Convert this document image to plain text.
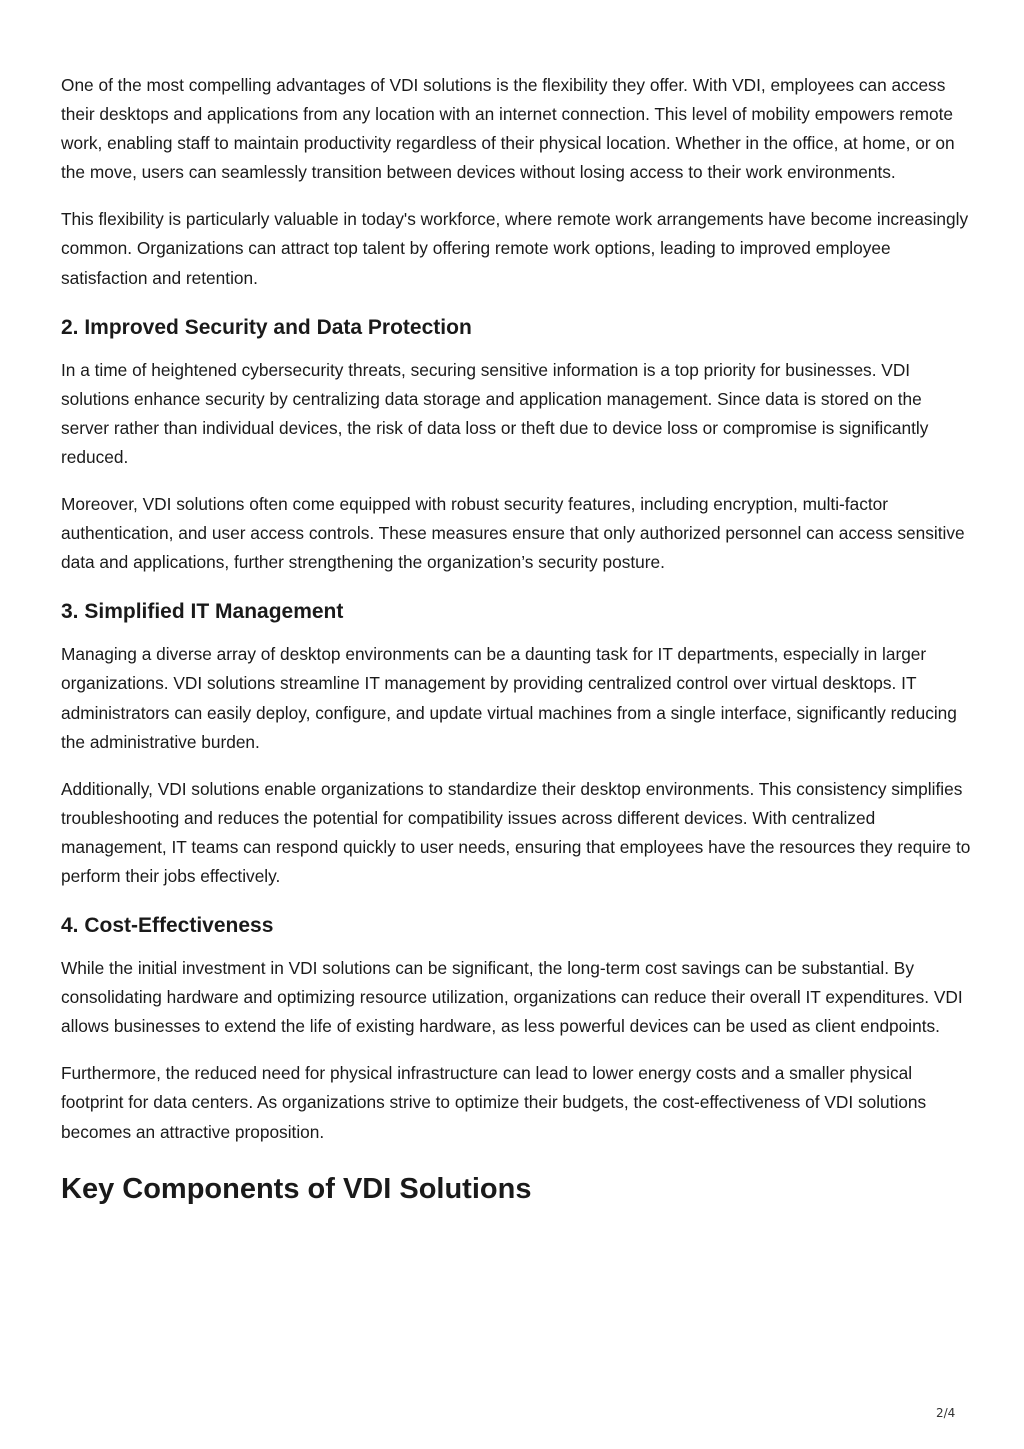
One of the most compelling advantages of VDI solutions is the flexibility they offer. With VDI, employees can access their desktops and applications from any location with an internet connection. This level of mobility empowers remote work, enabling staff to maintain productivity regardless of their physical location. Whether in the office, at home, or on the move, users can seamlessly transition between devices without losing access to their work environments.

This flexibility is particularly valuable in today's workforce, where remote work arrangements have become increasingly common. Organizations can attract top talent by offering remote work options, leading to improved employee satisfaction and retention.

2. Improved Security and Data Protection

In a time of heightened cybersecurity threats, securing sensitive information is a top priority for businesses. VDI solutions enhance security by centralizing data storage and application management. Since data is stored on the server rather than individual devices, the risk of data loss or theft due to device loss or compromise is significantly reduced.

Moreover, VDI solutions often come equipped with robust security features, including encryption, multi-factor authentication, and user access controls. These measures ensure that only authorized personnel can access sensitive data and applications, further strengthening the organization’s security posture.

3. Simplified IT Management

Managing a diverse array of desktop environments can be a daunting task for IT departments, especially in larger organizations. VDI solutions streamline IT management by providing centralized control over virtual desktops. IT administrators can easily deploy, configure, and update virtual machines from a single interface, significantly reducing the administrative burden.

Additionally, VDI solutions enable organizations to standardize their desktop environments. This consistency simplifies troubleshooting and reduces the potential for compatibility issues across different devices. With centralized management, IT teams can respond quickly to user needs, ensuring that employees have the resources they require to perform their jobs effectively.

4. Cost-Effectiveness

While the initial investment in VDI solutions can be significant, the long-term cost savings can be substantial. By consolidating hardware and optimizing resource utilization, organizations can reduce their overall IT expenditures. VDI allows businesses to extend the life of existing hardware, as less powerful devices can be used as client endpoints.

Furthermore, the reduced need for physical infrastructure can lead to lower energy costs and a smaller physical footprint for data centers. As organizations strive to optimize their budgets, the cost-effectiveness of VDI solutions becomes an attractive proposition.

Key Components of VDI Solutions
2/4
